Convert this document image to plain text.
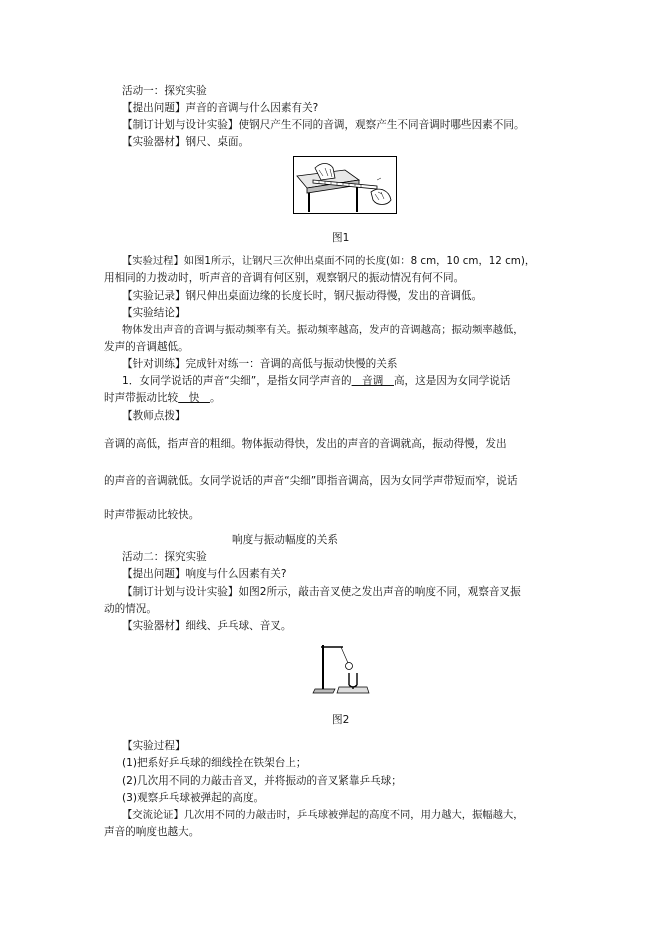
活动一：探究实验
【提出问题】声音的音调与什么因素有关?
【制订计划与设计实验】使钢尺产生不同的音调，观察产生不同音调时哪些因素不同。
【实验器材】钢尺、桌面。
图1
【实验过程】如图1所示，让钢尺三次伸出桌面不同的长度(如：8 cm，10 cm，12 cm)，
用相同的力拨动时，听声音的音调有何区别，观察钢尺的振动情况有何不同。
【实验记录】钢尺伸出桌面边缘的长度长时，钢尺振动得慢，发出的音调低。
【实验结论】
物体发出声音的音调与振动频率有关。振动频率越高，发声的音调越高；振动频率越低，
发声的音调越低。
【针对训练】完成针对练一：音调的高低与振动快慢的关系
1．女同学说话的声音“尖细”，是指女同学声音的　音调　高，这是因为女同学说话
时声带振动比较　快　。
【教师点拨】
音调的高低，指声音的粗细。物体振动得快，发出的声音的音调就高，振动得慢，发出
的声音的音调就低。女同学说话的声音“尖细”即指音调高，因为女同学声带短而窄，说话
时声带振动比较快。
响度与振动幅度的关系
活动二：探究实验
【提出问题】响度与什么因素有关?
【制订计划与设计实验】如图2所示，敲击音叉使之发出声音的响度不同，观察音叉振
动的情况。
【实验器材】细线、乒乓球、音叉。
图2
【实验过程】
(1)把系好乒乓球的细线拴在铁架台上；
(2)几次用不同的力敲击音叉，并将振动的音叉紧靠乒乓球；
(3)观察乒乓球被弹起的高度。
【交流论证】几次用不同的力敲击时，乒乓球被弹起的高度不同，用力越大，振幅越大，
声音的响度也越大。
